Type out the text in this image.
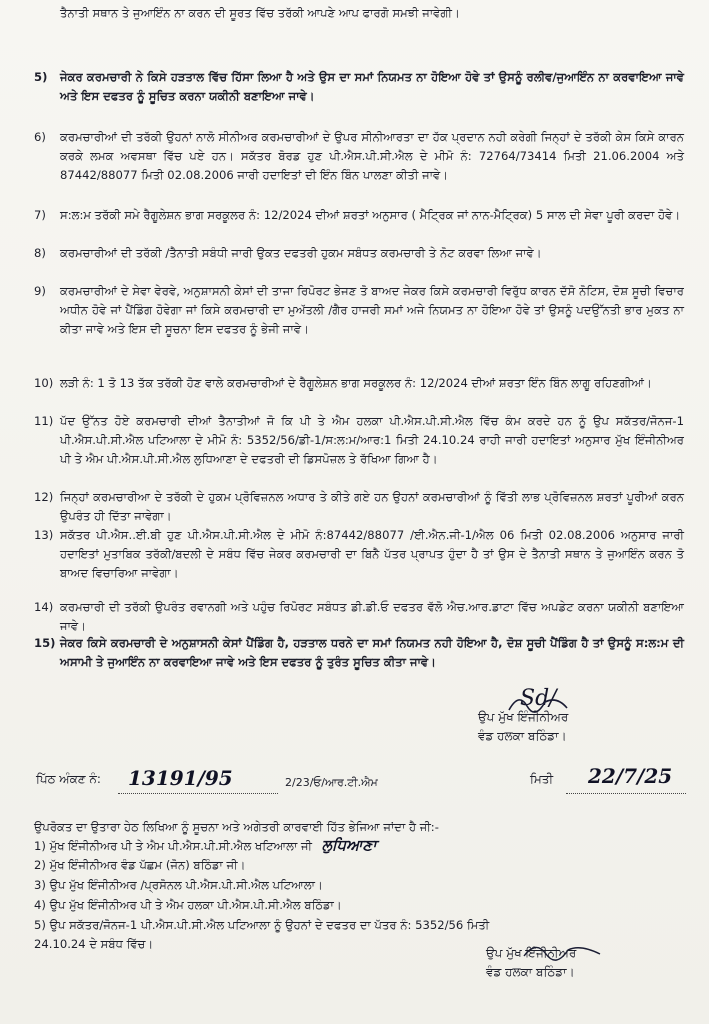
ਤੈਨਾਤੀ ਸਥਾਨ ਤੇ ਜੁਆਇੰਨ ਨਾ ਕਰਨ ਦੀ ਸੂਰਤ ਵਿੱਚ ਤਰੱਕੀ ਆਪਣੇ ਆਪ ਫਾਰਗੋ ਸਮਝੀ ਜਾਵੇਗੀ।
5)	ਜੇਕਰ ਕਰਮਚਾਰੀ ਨੇ ਕਿਸੇ ਹੜਤਾਲ ਵਿੱਚ ਹਿੱਸਾ ਲਿਆ ਹੈ ਅਤੇ ਉਸ ਦਾ ਸਮਾਂ ਨਿਯਮਤ ਨਾ ਹੋਇਆ ਹੋਵੇ ਤਾਂ ਉਸਨੂੰ ਰਲੀਵ/ਜੁਆਇੰਨ ਨਾ ਕਰਵਾਇਆ ਜਾਵੇ ਅਤੇ ਇਸ ਦਫਤਰ ਨੂੰ ਸੂਚਿਤ ਕਰਨਾ ਯਕੀਨੀ ਬਣਾਇਆ ਜਾਵੇ।
6)	ਕਰਮਚਾਰੀਆਂ ਦੀ ਤਰੱਕੀ ਉਹਨਾਂ ਨਾਲੋ ਸੀਨੀਅਰ ਕਰਮਚਾਰੀਆਂ ਦੇ ਉਪਰ ਸੀਨੀਆਰਤਾ ਦਾ ਹੱਕ ਪ੍ਰਦਾਨ ਨਹੀ ਕਰੇਗੀ ਜਿਨ੍ਹਾਂ ਦੇ ਤਰੱਕੀ ਕੇਸ ਕਿਸੇ ਕਾਰਨ ਕਰਕੇ ਲਮਕ ਅਵਸਥਾ ਵਿੱਚ ਪਏ ਹਨ। ਸਕੱਤਰ ਬੋਰਡ ਹੁਣ ਪੀ.ਐਸ.ਪੀ.ਸੀ.ਐਲ ਦੇ ਮੀਮੋ ਨੰ: 72764/73414 ਮਿਤੀ 21.06.2004 ਅਤੇ 87442/88077 ਮਿਤੀ 02.08.2006 ਜਾਰੀ ਹਦਾਇਤਾਂ ਦੀ ਇੰਨ ਬਿੰਨ ਪਾਲਣਾ ਕੀਤੀ ਜਾਵੇ।
7)	ਸ:ਲ:ਮ ਤਰੱਕੀ ਸਮੇ ਰੈਗੂਲੇਸ਼ਨ ਭਾਗ ਸਰਕੂਲਰ ਨੰ: 12/2024 ਦੀਆਂ ਸ਼ਰਤਾਂ ਅਨੁਸਾਰ ( ਮੈਟ੍ਰਿਕ ਜਾਂ ਨਾਨ-ਮੈਟ੍ਰਿਕ) 5 ਸਾਲ ਦੀ ਸੇਵਾ ਪੂਰੀ ਕਰਦਾ ਹੋਵੇ।
8)	ਕਰਮਚਾਰੀਆਂ ਦੀ ਤਰੱਕੀ /ਤੈਨਾਤੀ ਸਬੰਧੀ ਜਾਰੀ ਉਕਤ ਦਫਤਰੀ ਹੁਕਮ ਸਬੰਧਤ ਕਰਮਚਾਰੀ ਤੇ ਨੋਟ ਕਰਵਾ ਲਿਆ ਜਾਵੇ।
9)	ਕਰਮਚਾਰੀਆਂ ਦੇ ਸੇਵਾ ਵੇਰਵੇ, ਅਨੁਸ਼ਾਸਨੀ ਕੇਸਾਂ ਦੀ ਤਾਜਾ ਰਿਪੋਰਟ ਭੇਜਣ ਤੋ ਬਾਅਦ ਜੇਕਰ ਕਿਸੇ ਕਰਮਚਾਰੀ ਵਿਰੁੱਧ ਕਾਰਨ ਦੱਸੋ ਨੋਟਿਸ, ਦੋਸ਼ ਸੂਚੀ ਵਿਚਾਰ ਅਧੀਨ ਹੋਵੇ ਜਾਂ ਪੈਂਡਿੰਗ ਹੋਵੇਗਾ ਜਾਂ ਕਿਸੇ ਕਰਮਚਾਰੀ ਦਾ ਮੁਅੱਤਲੀ /ਗੈਰ ਹਾਜਰੀ ਸਮਾਂ ਅਜੇ ਨਿਯਮਤ ਨਾ ਹੋਇਆ ਹੋਵੇ ਤਾਂ ਉਸਨੂੰ ਪਦਉੱਨਤੀ ਭਾਰ ਮੁਕਤ ਨਾ ਕੀਤਾ ਜਾਵੇ ਅਤੇ ਇਸ ਦੀ ਸੂਚਨਾ ਇਸ ਦਫਤਰ ਨੂੰ ਭੇਜੀ ਜਾਵੇ।
10) ਲੜੀ ਨੰ: 1 ਤੋ 13 ਤੱਕ ਤਰੱਕੀ ਹੋਣ ਵਾਲੇ ਕਰਮਚਾਰੀਆਂ ਦੇ ਰੈਗੂਲੇਸ਼ਨ ਭਾਗ ਸਰਕੂਲਰ ਨੰ: 12/2024 ਦੀਆਂ ਸ਼ਰਤਾ ਇੰਨ ਬਿੰਨ ਲਾਗੂ ਰਹਿਣਗੀਆਂ।
11) ਪੱਦ ਉੱਨਤ ਹੋਏ ਕਰਮਚਾਰੀ ਦੀਆਂ ਤੈਨਾਤੀਆਂ ਜੋ ਕਿ ਪੀ ਤੇ ਐਮ ਹਲਕਾ ਪੀ.ਐਸ.ਪੀ.ਸੀ.ਐਲ ਵਿੱਚ ਕੰਮ ਕਰਦੇ ਹਨ ਨੂੰ ਉਪ ਸਕੱਤਰ/ਜੋਨਜ-1 ਪੀ.ਐਸ.ਪੀ.ਸੀ.ਐਲ ਪਟਿਆਲਾ ਦੇ ਮੀਮੋ ਨੰ: 5352/56/ਡੀ-1/ਸ:ਲ:ਮ/ਆਰ:1 ਮਿਤੀ 24.10.24 ਰਾਹੀ ਜਾਰੀ ਹਦਾਇਤਾਂ ਅਨੁਸਾਰ ਮੁੱਖ ਇੰਜੀਨੀਅਰ ਪੀ ਤੇ ਐਮ ਪੀ.ਐਸ.ਪੀ.ਸੀ.ਐਲ ਲੁਧਿਆਣਾ ਦੇ ਦਫਤਰੀ ਦੀ ਡਿਸਪੋਜ਼ਲ ਤੇ ਰੱਖਿਆ ਗਿਆ ਹੈ।
12) ਜਿਨ੍ਹਾਂ ਕਰਮਚਾਰੀਆ ਦੇ ਤਰੱਕੀ ਦੇ ਹੁਕਮ ਪ੍ਰੋਵਿਜ਼ਨਲ ਅਧਾਰ ਤੇ ਕੀਤੇ ਗਏ ਹਨ ਉਹਨਾਂ ਕਰਮਚਾਰੀਆਂ ਨੂੰ ਵਿੱਤੀ ਲਾਭ ਪ੍ਰੋਵਿਜ਼ਨਲ ਸ਼ਰਤਾਂ ਪੂਰੀਆਂ ਕਰਨ ਉਪਰੰਤ ਹੀ ਦਿੱਤਾ ਜਾਵੇਗਾ।
13) ਸਕੱਤਰ ਪੀ.ਐਸ..ਈ.ਬੀ ਹੁਣ ਪੀ.ਐਸ.ਪੀ.ਸੀ.ਐਲ ਦੇ ਮੀਮੋ ਨੰ:87442/88077 /ਈ.ਐਨ.ਜੀ-1/ਐਲ 06 ਮਿਤੀ 02.08.2006 ਅਨੁਸਾਰ ਜਾਰੀ ਹਦਾਇਤਾਂ ਮੁਤਾਬਿਕ ਤਰੱਕੀ/ਬਦਲੀ ਦੇ ਸਬੰਧ ਵਿੱਚ ਜੇਕਰ ਕਰਮਚਾਰੀ ਦਾ ਬਿਨੈ ਪੱਤਰ ਪ੍ਰਾਪਤ ਹੁੰਦਾ ਹੈ ਤਾਂ ਉਸ ਦੇ ਤੈਨਾਤੀ ਸਥਾਨ ਤੇ ਜੁਆਇੰਨ ਕਰਨ ਤੋ ਬਾਅਦ ਵਿਚਾਰਿਆ ਜਾਵੇਗਾ।
14) ਕਰਮਚਾਰੀ ਦੀ ਤਰੱਕੀ ਉਪਰੰਤ ਰਵਾਨਗੀ ਅਤੇ ਪਹੁੰਚ ਰਿਪੋਰਟ ਸਬੰਧਤ ਡੀ.ਡੀ.ਓ ਦਫਤਰ ਵੱਲੋ ਐਚ.ਆਰ.ਡਾਟਾ ਵਿੱਚ ਅਪਡੇਟ ਕਰਨਾ ਯਕੀਨੀ ਬਣਾਇਆ ਜਾਵੇ।
15) ਜੇਕਰ ਕਿਸੇ ਕਰਮਚਾਰੀ ਦੇ ਅਨੁਸ਼ਾਸਨੀ ਕੇਸਾਂ ਪੈਂਡਿੰਗ ਹੈ, ਹੜਤਾਲ ਧਰਨੇ ਦਾ ਸਮਾਂ ਨਿਯਮਤ ਨਹੀ ਹੋਇਆ ਹੈ, ਦੋਸ਼ ਸੂਚੀ ਪੈਂਡਿੰਗ ਹੈ ਤਾਂ ਉਸਨੂੰ ਸ:ਲ:ਮ ਦੀ ਅਸਾਮੀ ਤੇ ਜੁਆਇੰਨ ਨਾ ਕਰਵਾਇਆ ਜਾਵੇ ਅਤੇ ਇਸ ਦਫਤਰ ਨੂੰ ਤੁਰੰਤ ਸੂਚਿਤ ਕੀਤਾ ਜਾਵੇ।
Sd/
ਉਪ ਮੁੱਖ ਇੰਜੀਨੀਅਰ
ਵੰਡ ਹਲਕਾ ਬਠਿੰਡਾ।
ਪਿੱਠ ਅੰਕਣ ਨੰ: 13191/95	2/23/ਓ/ਆਰ.ਟੀ.ਐਮ	ਮਿਤੀ 22/7/25
ਉਪਰੋਕਤ ਦਾ ਉਤਾਰਾ ਹੇਠ ਲਿਖਿਆ ਨੂੰ ਸੂਚਨਾ ਅਤੇ ਅਗੇਤਰੀ ਕਾਰਵਾਈ ਹਿੱਤ ਭੇਜਿਆ ਜਾਂਦਾ ਹੈ ਜੀ:-
1) ਮੁੱਖ ਇੰਜੀਨੀਅਰ ਪੀ ਤੇ ਐਮ ਪੀ.ਐਸ.ਪੀ.ਸੀ.ਐਲ ਖਟਿਆਲਾ ਜੀ ਲੁਧਿਆਣਾ
2) ਮੁੱਖ ਇੰਜੀਨੀਅਰ ਵੰਡ ਪੱਛਮ (ਜੋਨ) ਬਠਿੰਡਾ ਜੀ।
3) ਉਪ ਮੁੱਖ ਇੰਜੀਨੀਅਰ /ਪ੍ਰਸੋਨਲ ਪੀ.ਐਸ.ਪੀ.ਸੀ.ਐਲ ਪਟਿਆਲਾ।
4) ਉਪ ਮੁੱਖ ਇੰਜੀਨੀਅਰ ਪੀ ਤੇ ਐਮ ਹਲਕਾ ਪੀ.ਐਸ.ਪੀ.ਸੀ.ਐਲ ਬਠਿੰਡਾ।
5) ਉਪ ਸਕੱਤਰ/ਜੋਨਜ-1 ਪੀ.ਐਸ.ਪੀ.ਸੀ.ਐਲ ਪਟਿਆਲਾ ਨੂੰ ਉਹਨਾਂ ਦੇ ਦਫਤਰ ਦਾ ਪੱਤਰ ਨੰ: 5352/56 ਮਿਤੀ 24.10.24 ਦੇ ਸਬੰਧ ਵਿੱਚ।
ਉਪ ਮੁੱਖ ਇੰਜੀਨੀਅਰ
ਵੰਡ ਹਲਕਾ ਬਠਿੰਡਾ।
